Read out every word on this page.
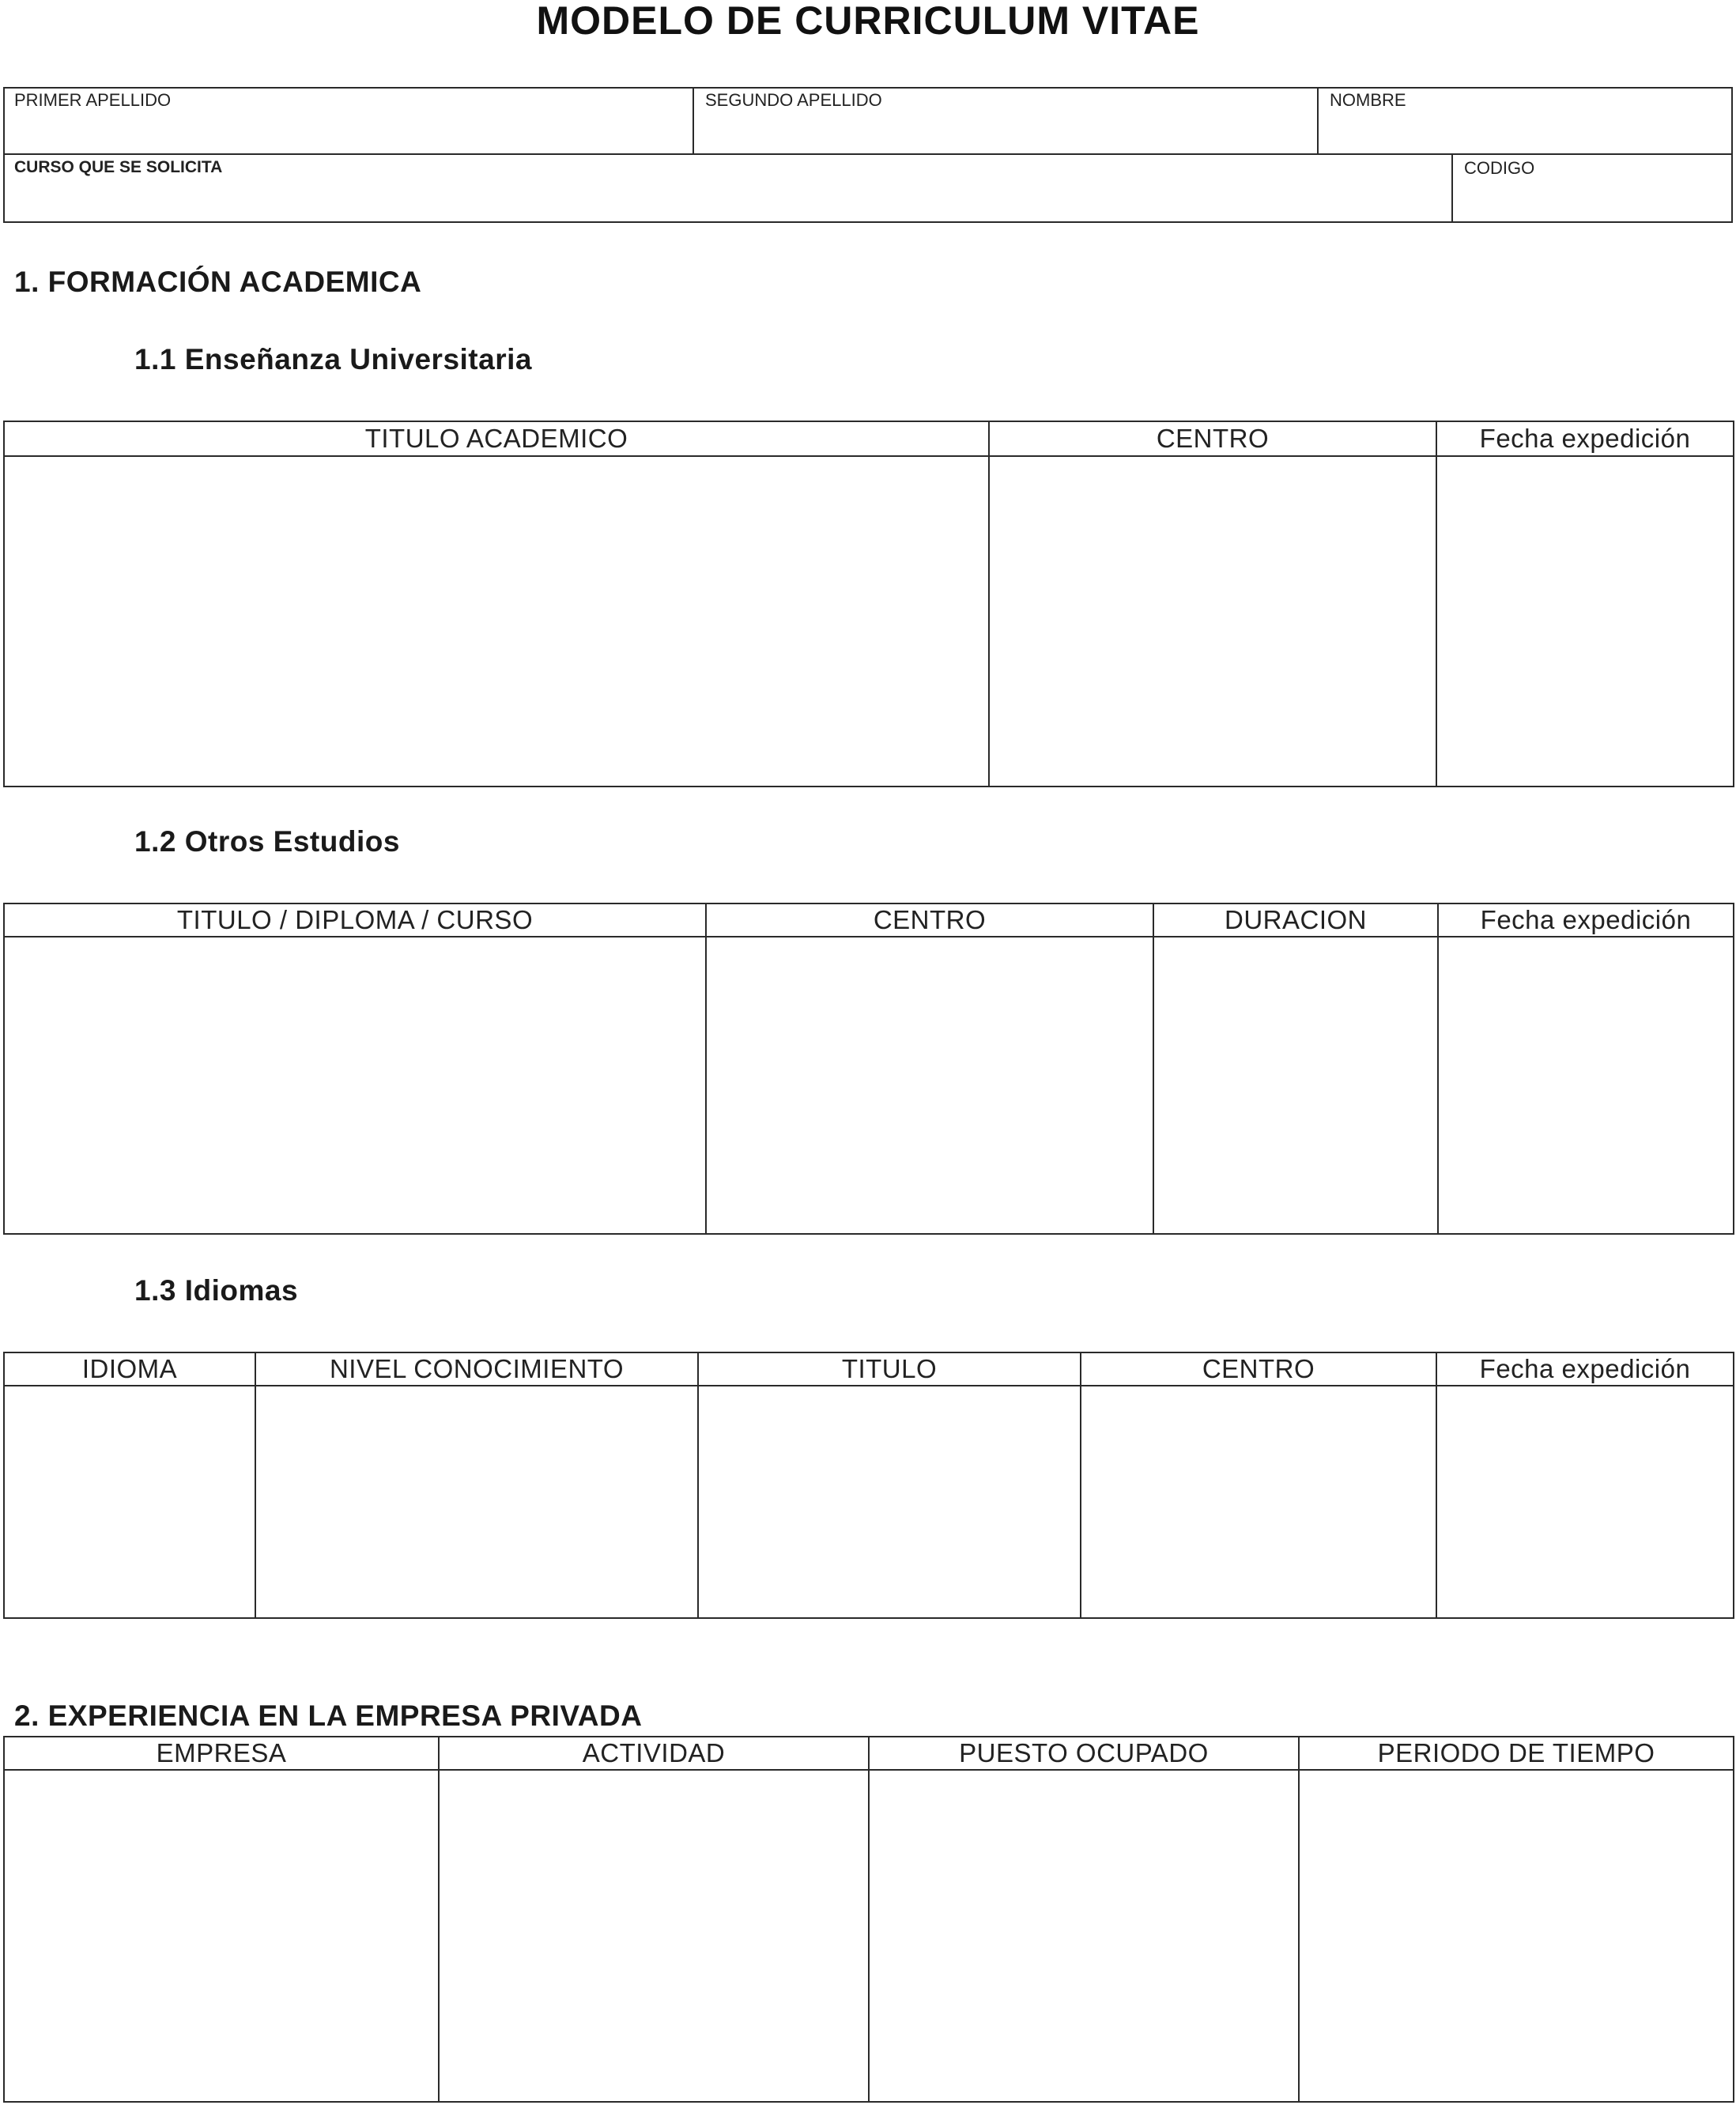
MODELO DE CURRICULUM VITAE
PRIMER APELLIDO	SEGUNDO APELLIDO	NOMBRE
CURSO QUE SE SOLICITA	CODIGO
1. FORMACIÓN ACADEMICA
1.1 Enseñanza Universitaria
TITULO ACADEMICO	CENTRO	Fecha expedición

1.2 Otros Estudios
TITULO / DIPLOMA / CURSO	CENTRO	DURACION	Fecha expedición

1.3 Idiomas
IDIOMA	NIVEL CONOCIMIENTO	TITULO	CENTRO	Fecha expedición

2. EXPERIENCIA EN LA EMPRESA PRIVADA
EMPRESA	ACTIVIDAD	PUESTO OCUPADO	PERIODO DE TIEMPO
